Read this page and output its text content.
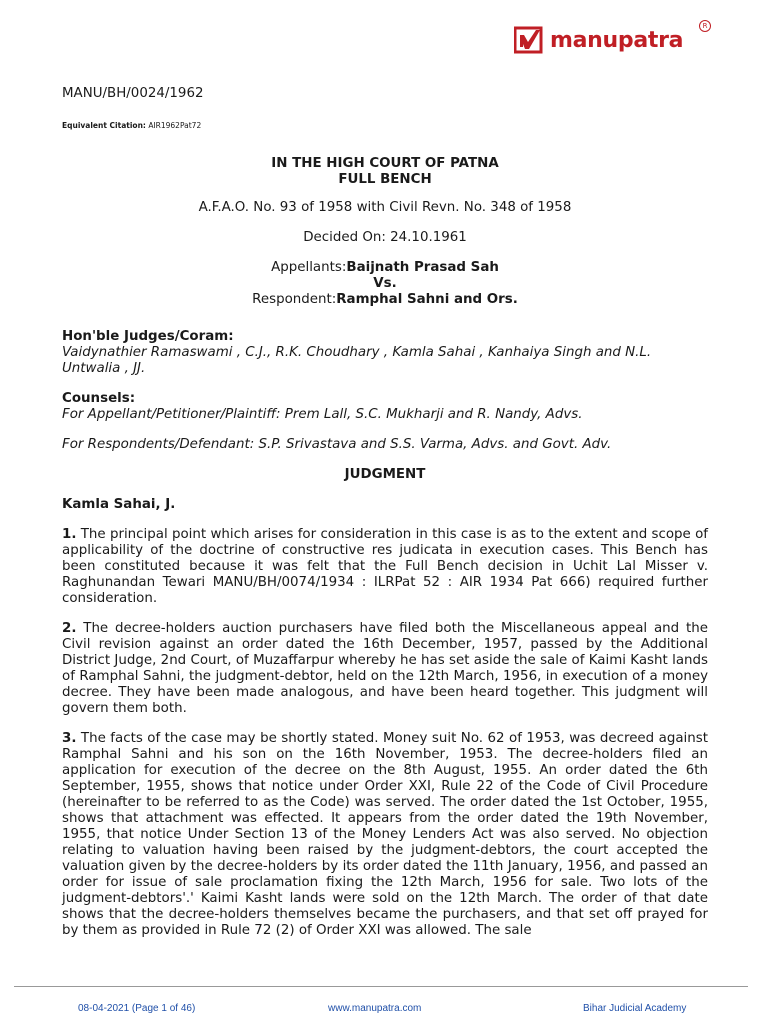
manupatra
R

MANU/BH/0024/1962

Equivalent Citation: AIR1962Pat72

IN THE HIGH COURT OF PATNA

FULL BENCH

A.F.A.O. No. 93 of 1958 with Civil Revn. No. 348 of 1958

Decided On: 24.10.1961

Appellants:Baijnath Prasad Sah

Vs.

Respondent:Ramphal Sahni and Ors.

Hon'ble Judges/Coram:

Vaidynathier Ramaswami , C.J., R.K. Choudhary , Kamla Sahai , Kanhaiya Singh and N.L. Untwalia , JJ.

Counsels:

For Appellant/Petitioner/Plaintiff: Prem Lall, S.C. Mukharji and R. Nandy, Advs.

For Respondents/Defendant: S.P. Srivastava and S.S. Varma, Advs. and Govt. Adv.

JUDGMENT

Kamla Sahai, J.

1. The principal point which arises for consideration in this case is as to the extent and scope of applicability of the doctrine of constructive res judicata in execution cases. This Bench has been constituted because it was felt that the Full Bench decision in Uchit Lal Misser v. Raghunandan Tewari MANU/BH/0074/1934 : ILRPat 52 : AIR 1934 Pat 666) required further consideration.

2. The decree-holders auction purchasers have filed both the Miscellaneous appeal and the Civil revision against an order dated the 16th December, 1957, passed by the Additional District Judge, 2nd Court, of Muzaffarpur whereby he has set aside the sale of Kaimi Kasht lands of Ramphal Sahni, the judgment-debtor, held on the 12th March, 1956, in execution of a money decree. They have been made analogous, and have been heard together. This judgment will govern them both.

3. The facts of the case may be shortly stated. Money suit No. 62 of 1953, was decreed against Ramphal Sahni and his son on the 16th November, 1953. The decree-holders filed an application for execution of the decree on the 8th August, 1955. An order dated the 6th September, 1955, shows that notice under Order XXI, Rule 22 of the Code of Civil Procedure (hereinafter to be referred to as the Code) was served. The order dated the 1st October, 1955, shows that attachment was effected. It appears from the order dated the 19th November, 1955, that notice Under Section 13 of the Money Lenders Act was also served. No objection relating to valuation having been raised by the judgment-debtors, the court accepted the valuation given by the decree-holders by its order dated the 11th January, 1956, and passed an order for issue of sale proclamation fixing the 12th March, 1956 for sale. Two lots of the judgment-debtors'.' Kaimi Kasht lands were sold on the 12th March. The order of that date shows that the decree-holders themselves became the purchasers, and that set off prayed for by them as provided in Rule 72 (2) of Order XXI was allowed. The sale

08-04-2021 (Page 1 of 46)	www.manupatra.com	Bihar Judicial Academy
